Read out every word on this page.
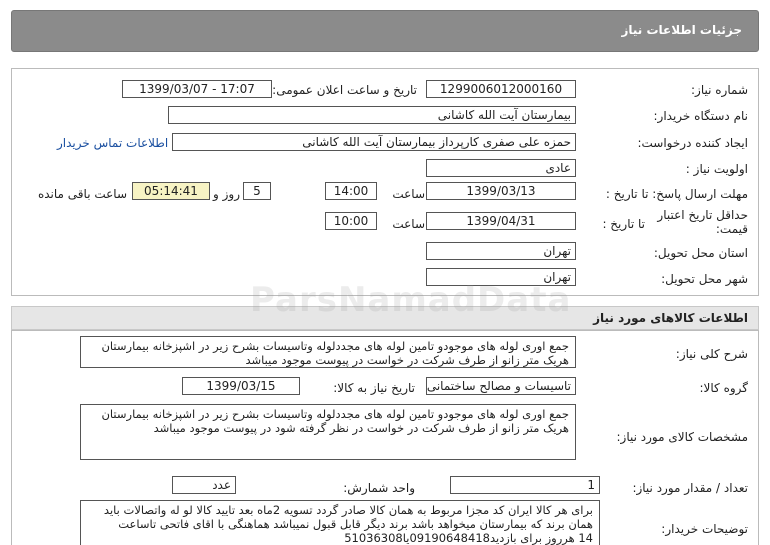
جزئیات اطلاعات نیاز
شماره نیاز:
1299006012000160
تاریخ و ساعت اعلان عمومی:
1399/03/07 - 17:07
نام دستگاه خریدار:
بیمارستان آیت الله کاشانی
ایجاد کننده درخواست:
حمزه علی صفری کارپرداز بیمارستان آیت الله کاشانی
اطلاعات تماس خریدار
اولویت نیاز :
عادی
مهلت ارسال پاسخ: تا تاریخ :
1399/03/13
ساعت
14:00
5
روز و
05:14:41
ساعت باقی مانده
حداقل تاریخ اعتبار
قیمت:
تا تاریخ :
1399/04/31
ساعت
10:00
استان محل تحویل:
تهران
شهر محل تحویل:
تهران
اطلاعات کالاهای مورد نیاز
شرح کلی نیاز:
جمع اوری لوله های موجودو تامین لوله های مجددلوله وتاسیسات بشرح زیر در اشپزخانه بیمارستان
هریک متر زانو از طرف شرکت در خواست در پیوست موجود میباشد
گروه کالا:
تاسیسات و مصالح ساختمانی
تاریخ نیاز به کالا:
1399/03/15
مشخصات کالای مورد نیاز:
جمع اوری لوله های موجودو تامین لوله های مجددلوله وتاسیسات بشرح زیر در اشپزخانه بیمارستان
هریک متر زانو از طرف شرکت در خواست در نظر گرفته شود در پیوست موجود میباشد
تعداد / مقدار مورد نیاز:
1
واحد شمارش:
عدد
توضیحات خریدار:
برای هر کالا ایران کد مجزا مربوط به همان کالا صادر گردد تسویه 2ماه بعد تایید کالا لو له واتصالات باید
همان برند که بیمارستان میخواهد باشد برند دیگر قابل قبول نمیباشد هماهنگی با اقای فاتحی تاساعت
14 هرروز برای بازدید09190648418یا51036308
ParsNamadData
